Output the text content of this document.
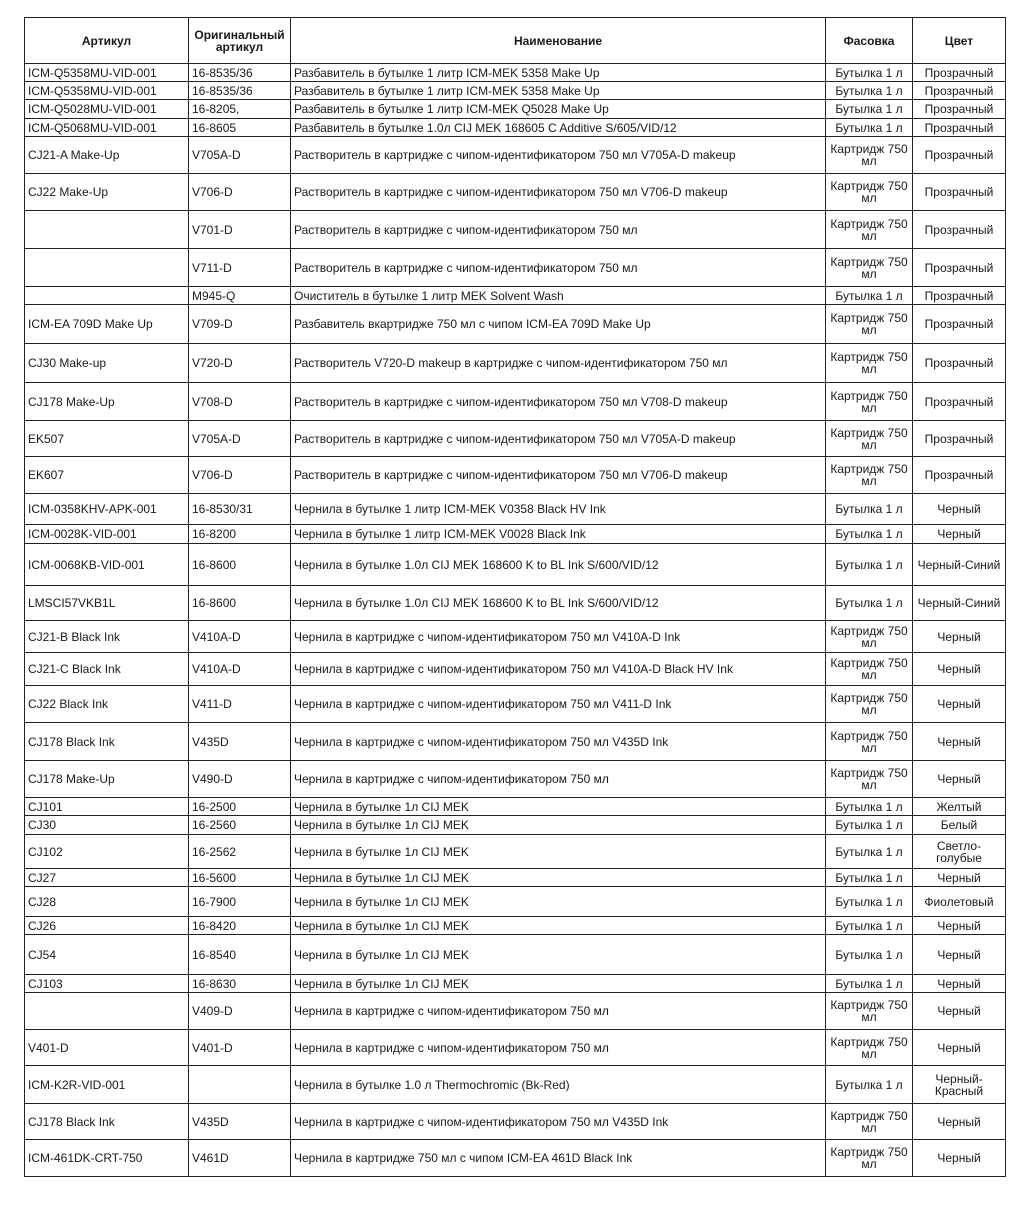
Артикул	Оригинальный артикул	Наименование	Фасовка	Цвет
ICM-Q5358MU-VID-001	16-8535/36	Разбавитель в бутылке 1 литр ICM-MEK 5358 Make Up	Бутылка 1 л	Прозрачный
ICM-Q5358MU-VID-001	16-8535/36	Разбавитель в бутылке 1 литр ICM-MEK 5358 Make Up	Бутылка 1 л	Прозрачный
ICM-Q5028MU-VID-001	16-8205,	Разбавитель в бутылке 1 литр ICM-MEK Q5028 Make Up	Бутылка 1 л	Прозрачный
ICM-Q5068MU-VID-001	16-8605	Разбавитель в бутылке 1.0л CIJ MEK 168605 C Additive S/605/VID/12	Бутылка 1 л	Прозрачный
CJ21-A Make-Up	V705A-D	Растворитель в картридже с чипом-идентификатором 750 мл V705A-D makeup	Картридж 750 мл	Прозрачный
CJ22 Make-Up	V706-D	Растворитель в картридже с чипом-идентификатором 750 мл V706-D makeup	Картридж 750 мл	Прозрачный
	V701-D	Растворитель в картридже с чипом-идентификатором 750 мл	Картридж 750 мл	Прозрачный
	V711-D	Растворитель в картридже с чипом-идентификатором 750 мл	Картридж 750 мл	Прозрачный
	M945-Q	Очиститель в бутылке 1 литр MEK Solvent Wash	Бутылка 1 л	Прозрачный
ICM-EA 709D Make Up	V709-D	Разбавитель вкартридже 750 мл с чипом ICM-EA 709D Make Up	Картридж 750 мл	Прозрачный
CJ30 Make-up	V720-D	Растворитель V720-D makeup в картридже с чипом-идентификатором 750 мл	Картридж 750 мл	Прозрачный
CJ178 Make-Up	V708-D	Растворитель в картридже с чипом-идентификатором 750 мл V708-D makeup	Картридж 750 мл	Прозрачный
EK507	V705A-D	Растворитель в картридже с чипом-идентификатором 750 мл V705A-D makeup	Картридж 750 мл	Прозрачный
EK607	V706-D	Растворитель в картридже с чипом-идентификатором 750 мл V706-D makeup	Картридж 750 мл	Прозрачный
ICM-0358KHV-APK-001	16-8530/31	Чернила в бутылке 1 литр ICM-MEK V0358 Black HV Ink	Бутылка 1 л	Черный
ICM-0028K-VID-001	16-8200	Чернила в бутылке 1 литр ICM-MEK V0028 Black Ink	Бутылка 1 л	Черный
ICM-0068KB-VID-001	16-8600	Чернила в бутылке 1.0л CIJ MEK 168600 K to BL Ink S/600/VID/12	Бутылка 1 л	Черный-Синий
LMSCI57VKB1L	16-8600	Чернила в бутылке 1.0л CIJ MEK 168600 K to BL Ink S/600/VID/12	Бутылка 1 л	Черный-Синий
CJ21-B Black Ink	V410A-D	Чернила в картридже с чипом-идентификатором 750 мл V410A-D Ink	Картридж 750 мл	Черный
CJ21-C Black Ink	V410A-D	Чернила в картридже с чипом-идентификатором 750 мл V410A-D Black HV Ink	Картридж 750 мл	Черный
CJ22 Black Ink	V411-D	Чернила в картридже с чипом-идентификатором 750 мл V411-D Ink	Картридж 750 мл	Черный
CJ178 Black Ink	V435D	Чернила в картридже с чипом-идентификатором 750 мл V435D Ink	Картридж 750 мл	Черный
CJ178 Make-Up	V490-D	Чернила в картридже с чипом-идентификатором 750 мл	Картридж 750 мл	Черный
CJ101	16-2500	Чернила в бутылке 1л CIJ MEK	Бутылка 1 л	Желтый
CJ30	16-2560	Чернила в бутылке 1л CIJ MEK	Бутылка 1 л	Белый
CJ102	16-2562	Чернила в бутылке 1л CIJ MEK	Бутылка 1 л	Светло-голубые
CJ27	16-5600	Чернила в бутылке 1л CIJ MEK	Бутылка 1 л	Черный
CJ28	16-7900	Чернила в бутылке 1л CIJ MEK	Бутылка 1 л	Фиолетовый
CJ26	16-8420	Чернила в бутылке 1л CIJ MEK	Бутылка 1 л	Черный
CJ54	16-8540	Чернила в бутылке 1л CIJ MEK	Бутылка 1 л	Черный
CJ103	16-8630	Чернила в бутылке 1л CIJ MEK	Бутылка 1 л	Черный
	V409-D	Чернила в картридже с чипом-идентификатором 750 мл	Картридж 750 мл	Черный
V401-D	V401-D	Чернила в картридже с чипом-идентификатором 750 мл	Картридж 750 мл	Черный
ICM-K2R-VID-001		Чернила в бутылке 1.0 л Thermochromic (Bk-Red)	Бутылка 1 л	Черный-Красный
CJ178 Black Ink	V435D	Чернила в картридже с чипом-идентификатором 750 мл V435D Ink	Картридж 750 мл	Черный
ICM-461DK-CRT-750	V461D	Чернила в картридже 750 мл с чипом ICM-EA 461D Black Ink	Картридж 750 мл	Черный
